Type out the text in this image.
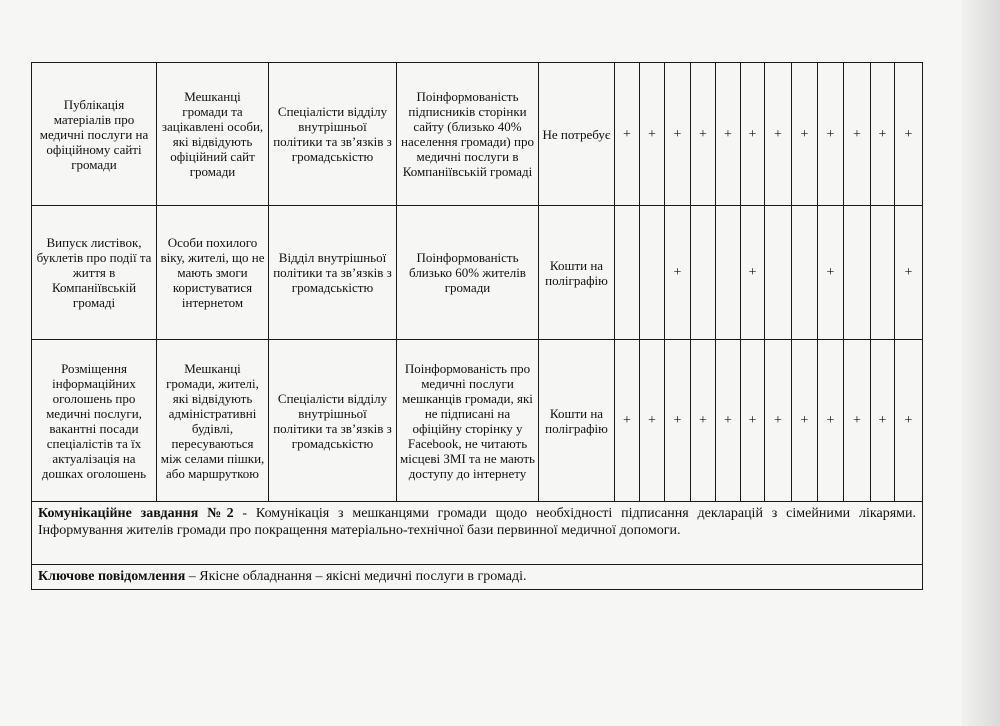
Публікація матеріалів про медичні послуги на офіційному сайті громади	Мешканці громади та зацікавлені особи, які відвідують офіційний сайт громади	Спеціалісти відділу внутрішньої політики та зв’язків з громадськістю	Поінформованість підписників сторінки сайту (близько 40% населення громади) про медичні послуги в Компаніївській громаді	Не потребує	+	+	+	+	+	+	+	+	+	+	+	+
Випуск листівок, буклетів про події та життя в Компаніївській громаді	Особи похилого віку, жителі, що не мають змоги користуватися інтернетом	Відділ внутрішньої політики та зв’язків з громадськістю	Поінформованість близько 60% жителів громади	Кошти на поліграфію			+			+			+			+
Розміщення інформаційних оголошень про медичні послуги, вакантні посади спеціалістів та їх актуалізація на дошках оголошень	Мешканці громади, жителі, які відвідують адміністративні будівлі, пересуваються між селами пішки, або маршруткою	Спеціалісти відділу внутрішньої політики та зв’язків з громадськістю	Поінформованість про медичні послуги мешканців громади, які не підписані на офіційну сторінку у Facebook, не читають місцеві ЗМІ та не мають доступу до інтернету	Кошти на поліграфію	+	+	+	+	+	+	+	+	+	+	+	+
Комунікаційне завдання №2 - Комунікація з мешканцями громади щодо необхідності підписання декларацій з сімейними лікарями. Інформування жителів громади про покращення матеріально-технічної бази первинної медичної допомоги.																
Ключове повідомлення – Якісне обладнання – якісні медичні послуги в громаді.																
